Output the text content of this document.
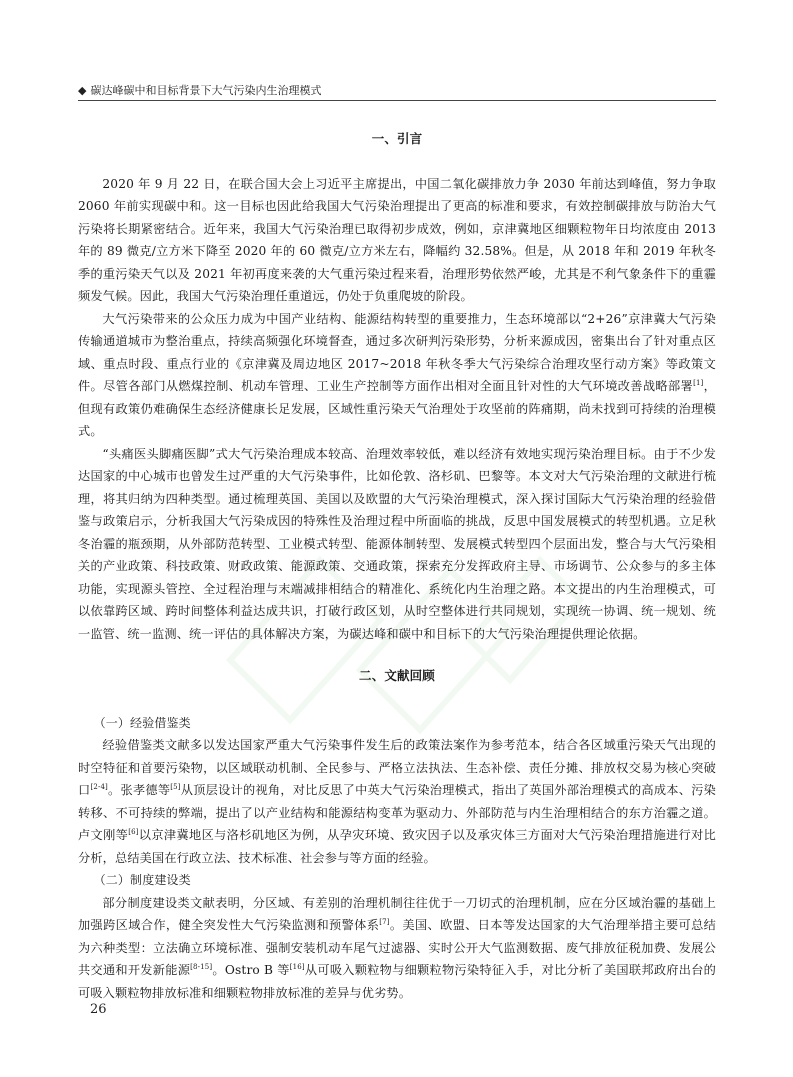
◆ 碳达峰碳中和目标背景下大气污染内生治理模式
一、引言

2020 年 9 月 22 日，在联合国大会上习近平主席提出，中国二氧化碳排放力争 2030 年前达到峰值，努力争取 2060 年前实现碳中和。这一目标也因此给我国大气污染治理提出了更高的标准和要求，有效控制碳排放与防治大气污染将长期紧密结合。近年来，我国大气污染治理已取得初步成效，例如，京津冀地区细颗粒物年日均浓度由 2013 年的 89 微克/立方米下降至 2020 年的 60 微克/立方米左右，降幅约 32.58%。但是，从 2018 年和 2019 年秋冬季的重污染天气以及 2021 年初再度来袭的大气重污染过程来看，治理形势依然严峻，尤其是不利气象条件下的重霾频发气候。因此，我国大气污染治理任重道远，仍处于负重爬坡的阶段。

大气污染带来的公众压力成为中国产业结构、能源结构转型的重要推力，生态环境部以“2+26”京津冀大气污染传输通道城市为整治重点，持续高频强化环境督查，通过多次研判污染形势，分析来源成因，密集出台了针对重点区域、重点时段、重点行业的《京津冀及周边地区 2017~2018 年秋冬季大气污染综合治理攻坚行动方案》等政策文件。尽管各部门从燃煤控制、机动车管理、工业生产控制等方面作出相对全面且针对性的大气环境改善战略部署[1]，但现有政策仍难确保生态经济健康长足发展，区域性重污染天气治理处于攻坚前的阵痛期，尚未找到可持续的治理模式。

“头痛医头脚痛医脚”式大气污染治理成本较高、治理效率较低，难以经济有效地实现污染治理目标。由于不少发达国家的中心城市也曾发生过严重的大气污染事件，比如伦敦、洛杉矶、巴黎等。本文对大气污染治理的文献进行梳理，将其归纳为四种类型。通过梳理英国、美国以及欧盟的大气污染治理模式，深入探讨国际大气污染治理的经验借鉴与政策启示，分析我国大气污染成因的特殊性及治理过程中所面临的挑战，反思中国发展模式的转型机遇。立足秋冬治霾的瓶颈期，从外部防范转型、工业模式转型、能源体制转型、发展模式转型四个层面出发，整合与大气污染相关的产业政策、科技政策、财政政策、能源政策、交通政策，探索充分发挥政府主导、市场调节、公众参与的多主体功能，实现源头管控、全过程治理与末端减排相结合的精准化、系统化内生治理之路。本文提出的内生治理模式，可以依靠跨区域、跨时间整体利益达成共识，打破行政区划，从时空整体进行共同规划，实现统一协调、统一规划、统一监管、统一监测、统一评估的具体解决方案，为碳达峰和碳中和目标下的大气污染治理提供理论依据。

二、文献回顾
（一）经验借鉴类

经验借鉴类文献多以发达国家严重大气污染事件发生后的政策法案作为参考范本，结合各区域重污染天气出现的时空特征和首要污染物，以区域联动机制、全民参与、严格立法执法、生态补偿、责任分摊、排放权交易为核心突破口[2-4]。张孝德等[5]从顶层设计的视角，对比反思了中英大气污染治理模式，指出了英国外部治理模式的高成本、污染转移、不可持续的弊端，提出了以产业结构和能源结构变革为驱动力、外部防范与内生治理相结合的东方治霾之道。卢文刚等[6]以京津冀地区与洛杉矶地区为例，从孕灾环境、致灾因子以及承灾体三方面对大气污染治理措施进行对比分析，总结美国在行政立法、技术标准、社会参与等方面的经验。

（二）制度建设类

部分制度建设类文献表明，分区域、有差别的治理机制往往优于一刀切式的治理机制，应在分区域治霾的基础上加强跨区域合作，健全突发性大气污染监测和预警体系[7]。美国、欧盟、日本等发达国家的大气治理举措主要可总结为六种类型：立法确立环境标准、强制安装机动车尾气过滤器、实时公开大气监测数据、废气排放征税加费、发展公共交通和开发新能源[8-15]。Ostro B 等[16]从可吸入颗粒物与细颗粒物污染特征入手，对比分析了美国联邦政府出台的可吸入颗粒物排放标准和细颗粒物排放标准的差异与优劣势。

26
